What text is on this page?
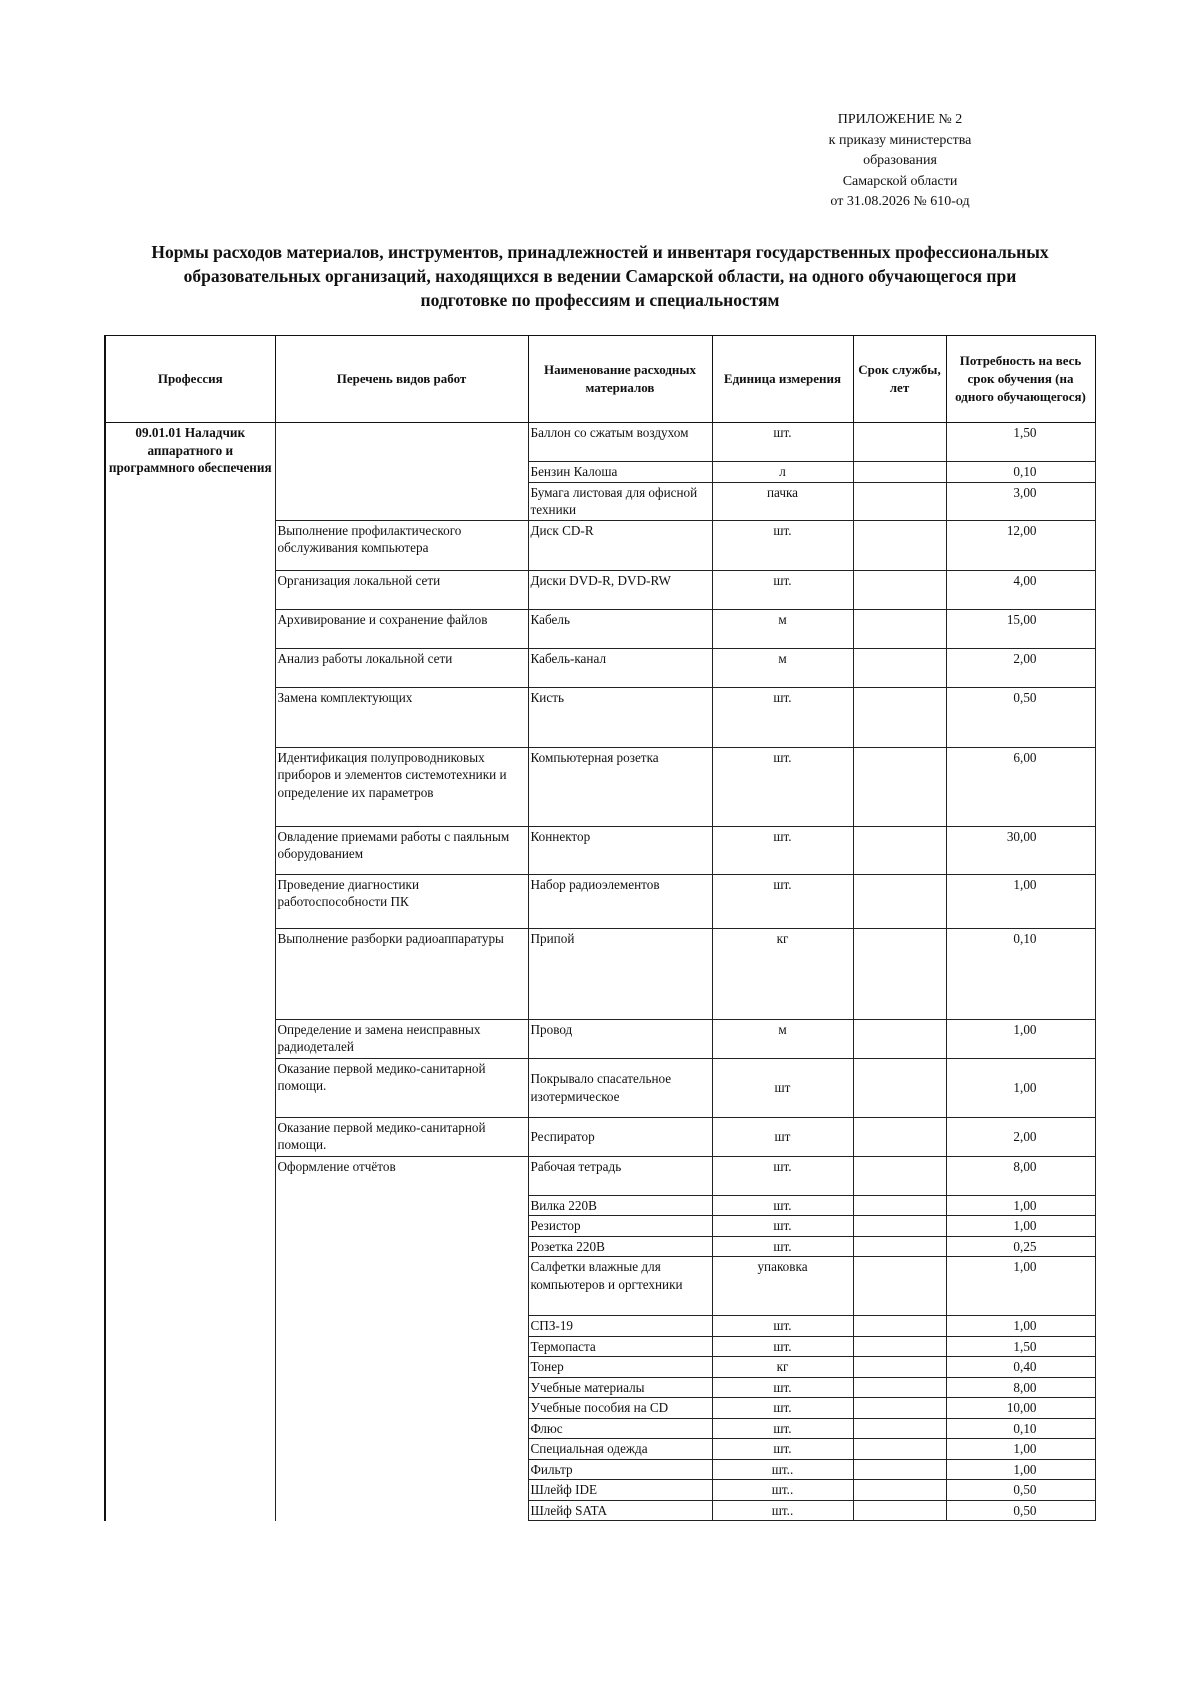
ПРИЛОЖЕНИЕ № 2
к приказу министерства
образования
Самарской области
от 31.08.2026 № 610-од
Нормы расходов материалов, инструментов, принадлежностей и инвентаря государственных профессиональных
образовательных организаций, находящихся в ведении Самарской области, на одного обучающегося при
подготовке по профессиям и специальностям
Профессия	Перечень видов работ	Наименование расходных материалов	Единица измерения	Срок службы, лет	Потребность на весь срок обучения (на одного обучающегося)
09.01.01 Наладчик аппаратного и программного обеспечения		Баллон со сжатым воздухом	шт.		1,50
		Бензин Калоша	л		0,10
		Бумага листовая для офисной техники	пачка		3,00
	Выполнение профилактического обслуживания компьютера	Диск CD-R	шт.		12,00
	Организация локальной сети	Диски DVD-R, DVD-RW	шт.		4,00
	Архивирование и сохранение файлов	Кабель	м		15,00
	Анализ работы локальной сети	Кабель-канал	м		2,00
	Замена комплектующих	Кисть	шт.		0,50
	Идентификация полупроводниковых приборов и элементов системотехники и определение их параметров	Компьютерная розетка	шт.		6,00
	Овладение приемами работы с паяльным оборудованием	Коннектор	шт.		30,00
	Проведение диагностики работоспособности ПК	Набор радиоэлементов	шт.		1,00
	Выполнение разборки радиоаппаратуры	Припой	кг		0,10
	Определение и замена неисправных радиодеталей	Провод	м		1,00
	Оказание первой медико-санитарной помощи.	Покрывало спасательное изотермическое	шт		1,00
	Оказание первой медико-санитарной помощи.	Респиратор	шт		2,00
	Оформление отчётов	Рабочая тетрадь	шт.		8,00
		Вилка 220В	шт.		1,00
		Резистор	шт.		1,00
		Розетка 220В	шт.		0,25
		Салфетки влажные для компьютеров и оргтехники	упаковка		1,00
		СПЗ-19	шт.		1,00
		Термопаста	шт.		1,50
		Тонер	кг		0,40
		Учебные материалы	шт.		8,00
		Учебные пособия на CD	шт.		10,00
		Флюс	шт.		0,10
		Специальная одежда	шт.		1,00
		Фильтр	шт..		1,00
		Шлейф IDE	шт..		0,50
		Шлейф SATA	шт..		0,50
